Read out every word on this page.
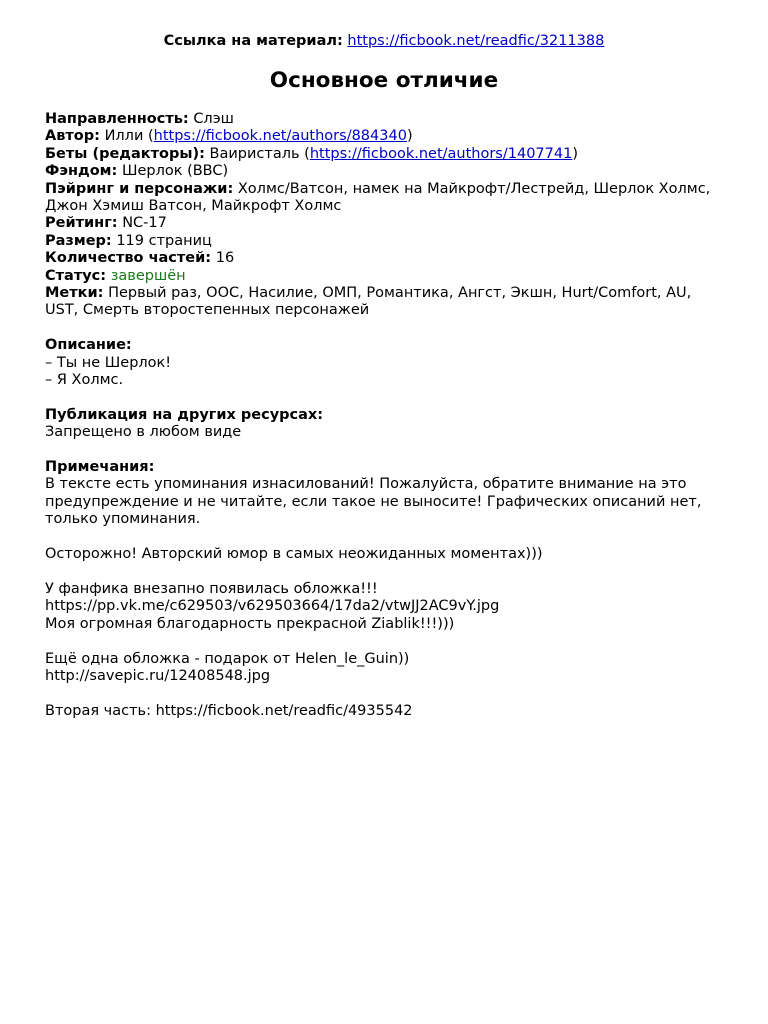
Ссылка на материал: https://ficbook.net/readfic/3211388
Основное отличие

Направленность: Слэш

Автор: Илли (https://ficbook.net/authors/884340)

Беты (редакторы): Ваиристаль (https://ficbook.net/authors/1407741)

Фэндом: Шерлок (BBC)

Пэйринг и персонажи: Холмс/Ватсон, намек на Майкрофт/Лестрейд, Шерлок Холмс, Джон Хэмиш Ватсон, Майкрофт Холмс

Рейтинг: NC-17

Размер: 119 страниц

Количество частей: 16

Статус: завершён

Метки: Первый раз, ООС, Насилие, ОМП, Романтика, Ангст, Экшн, Hurt/Comfort, AU, UST, Смерть второстепенных персонажей

Описание:

– Ты не Шерлок!

– Я Холмс.

Публикация на других ресурсах:

Запрещено в любом виде

Примечания:

В тексте есть упоминания изнасилований! Пожалуйста, обратите внимание на это предупреждение и не читайте, если такое не выносите! Графических описаний нет, только упоминания.

Осторожно! Авторский юмор в самых неожиданных моментах)))

У фанфика внезапно появилась обложка!!!

https://pp.vk.me/c629503/v629503664/17da2/vtwJJ2AC9vY.jpg

Моя огромная благодарность прекрасной Ziablik!!!)))

Ещё одна обложка - подарок от Helen_le_Guin))

http://savepic.ru/12408548.jpg

Вторая часть: https://ficbook.net/readfic/4935542
